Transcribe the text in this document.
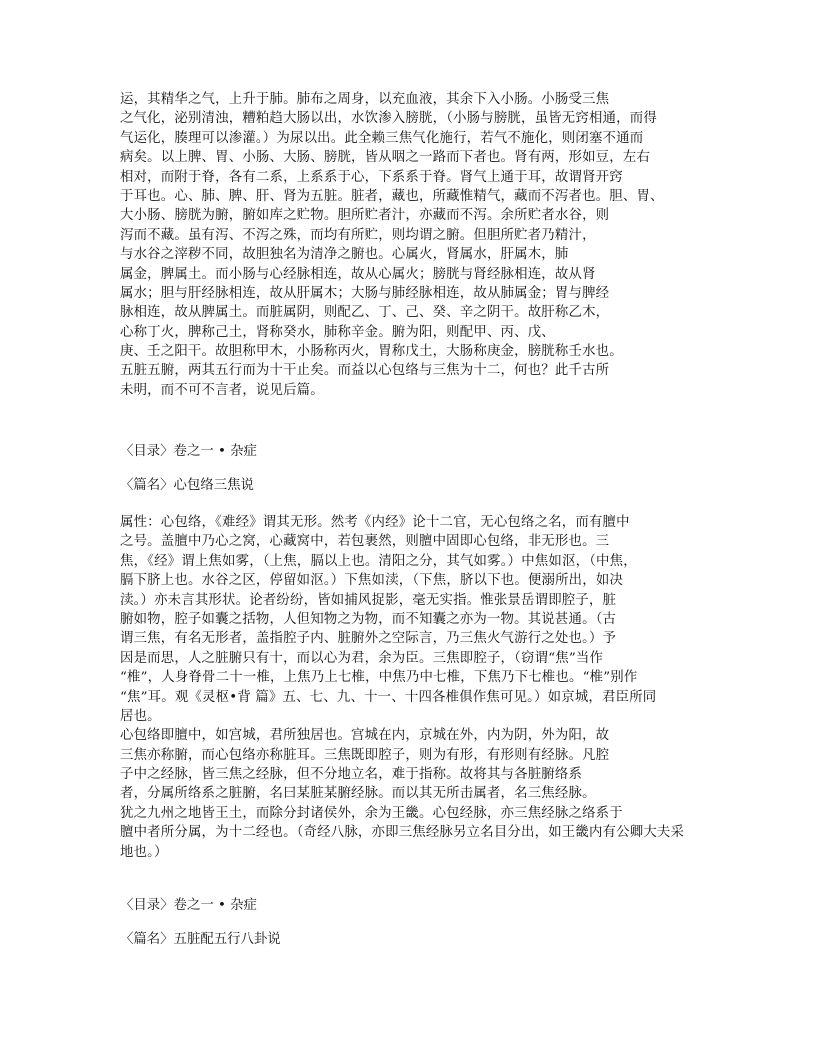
运，其精华之气，上升于肺。肺布之周身，以充血液，其余下入小肠。小肠受三焦
之气化，泌别清浊，糟粕趋大肠以出，水饮渗入膀胱，（小肠与膀胱，虽皆无窍相通，而得
气运化，腠理可以渗灌。）为尿以出。此全赖三焦气化施行，若气不施化，则闭塞不通而
病矣。以上脾、胃、小肠、大肠、膀胱，皆从咽之一路而下者也。肾有两，形如豆，左右
相对，而附于脊，各有二系，上系系于心，下系系于脊。肾气上通于耳，故谓肾开窍
于耳也。心、肺、脾、肝、肾为五脏。脏者，藏也，所藏惟精气，藏而不泻者也。胆、胃、
大小肠、膀胱为腑，腑如库之贮物。胆所贮者汁，亦藏而不泻。余所贮者水谷，则
泻而不藏。虽有泻、不泻之殊，而均有所贮，则均谓之腑。但胆所贮者乃精汁，
与水谷之滓秽不同，故胆独名为清净之腑也。心属火，肾属水，肝属木，肺
属金，脾属土。而小肠与心经脉相连，故从心属火；膀胱与肾经脉相连，故从肾
属水；胆与肝经脉相连，故从肝属木；大肠与肺经脉相连，故从肺属金；胃与脾经
脉相连，故从脾属土。而脏属阴，则配乙、丁、己、癸、辛之阴干。故肝称乙木，
心称丁火，脾称己土，肾称癸水，肺称辛金。腑为阳，则配甲、丙、戊、
庚、壬之阳干。故胆称甲木，小肠称丙火，胃称戊土，大肠称庚金，膀胱称壬水也。
五脏五腑，两其五行而为十干止矣。而益以心包络与三焦为十二，何也？此千古所
未明，而不可不言者，说见后篇。
〈目录〉卷之一 • 杂症
〈篇名〉心包络三焦说
属性：心包络，《难经》谓其无形。然考《内经》论十二官，无心包络之名，而有膻中
之号。盖膻中乃心之窝，心藏窝中，若包裹然，则膻中固即心包络，非无形也。三
焦，《经》谓上焦如雾，（上焦，膈以上也。清阳之分，其气如雾。）中焦如沤，（中焦，
膈下脐上也。水谷之区，停留如沤。）下焦如渎，（下焦，脐以下也。便溺所出，如决
渎。）亦未言其形状。论者纷纷，皆如捕风捉影，毫无实指。惟张景岳谓即腔子，脏
腑如物，腔子如囊之括物，人但知物之为物，而不知囊之亦为一物。其说甚通。（古
谓三焦，有名无形者，盖指腔子内、脏腑外之空际言，乃三焦火气游行之处也。）予
因是而思，人之脏腑只有十，而以心为君，余为臣。三焦即腔子，（窃谓“焦”当作
“椎”，人身脊骨二十一椎，上焦乃上七椎，中焦乃中七椎，下焦乃下七椎也。“椎”别作
“焦”耳。观《灵枢•背 篇》五、七、九、十一、十四各椎俱作焦可见。）如京城，君臣所同
居也。
心包络即膻中，如宫城，君所独居也。宫城在内，京城在外，内为阴，外为阳，故
三焦亦称腑，而心包络亦称脏耳。三焦既即腔子，则为有形，有形则有经脉。凡腔
子中之经脉，皆三焦之经脉，但不分地立名，难于指称。故将其与各脏腑络系
者，分属所络系之脏腑，名曰某脏某腑经脉。而以其无所击属者，名三焦经脉。
犹之九州之地皆王土，而除分封诸侯外，余为王畿。心包经脉，亦三焦经脉之络系于
膻中者所分属，为十二经也。（奇经八脉，亦即三焦经脉另立名目分出，如王畿内有公卿大夫采
地也。）
〈目录〉卷之一 • 杂症
〈篇名〉五脏配五行八卦说
